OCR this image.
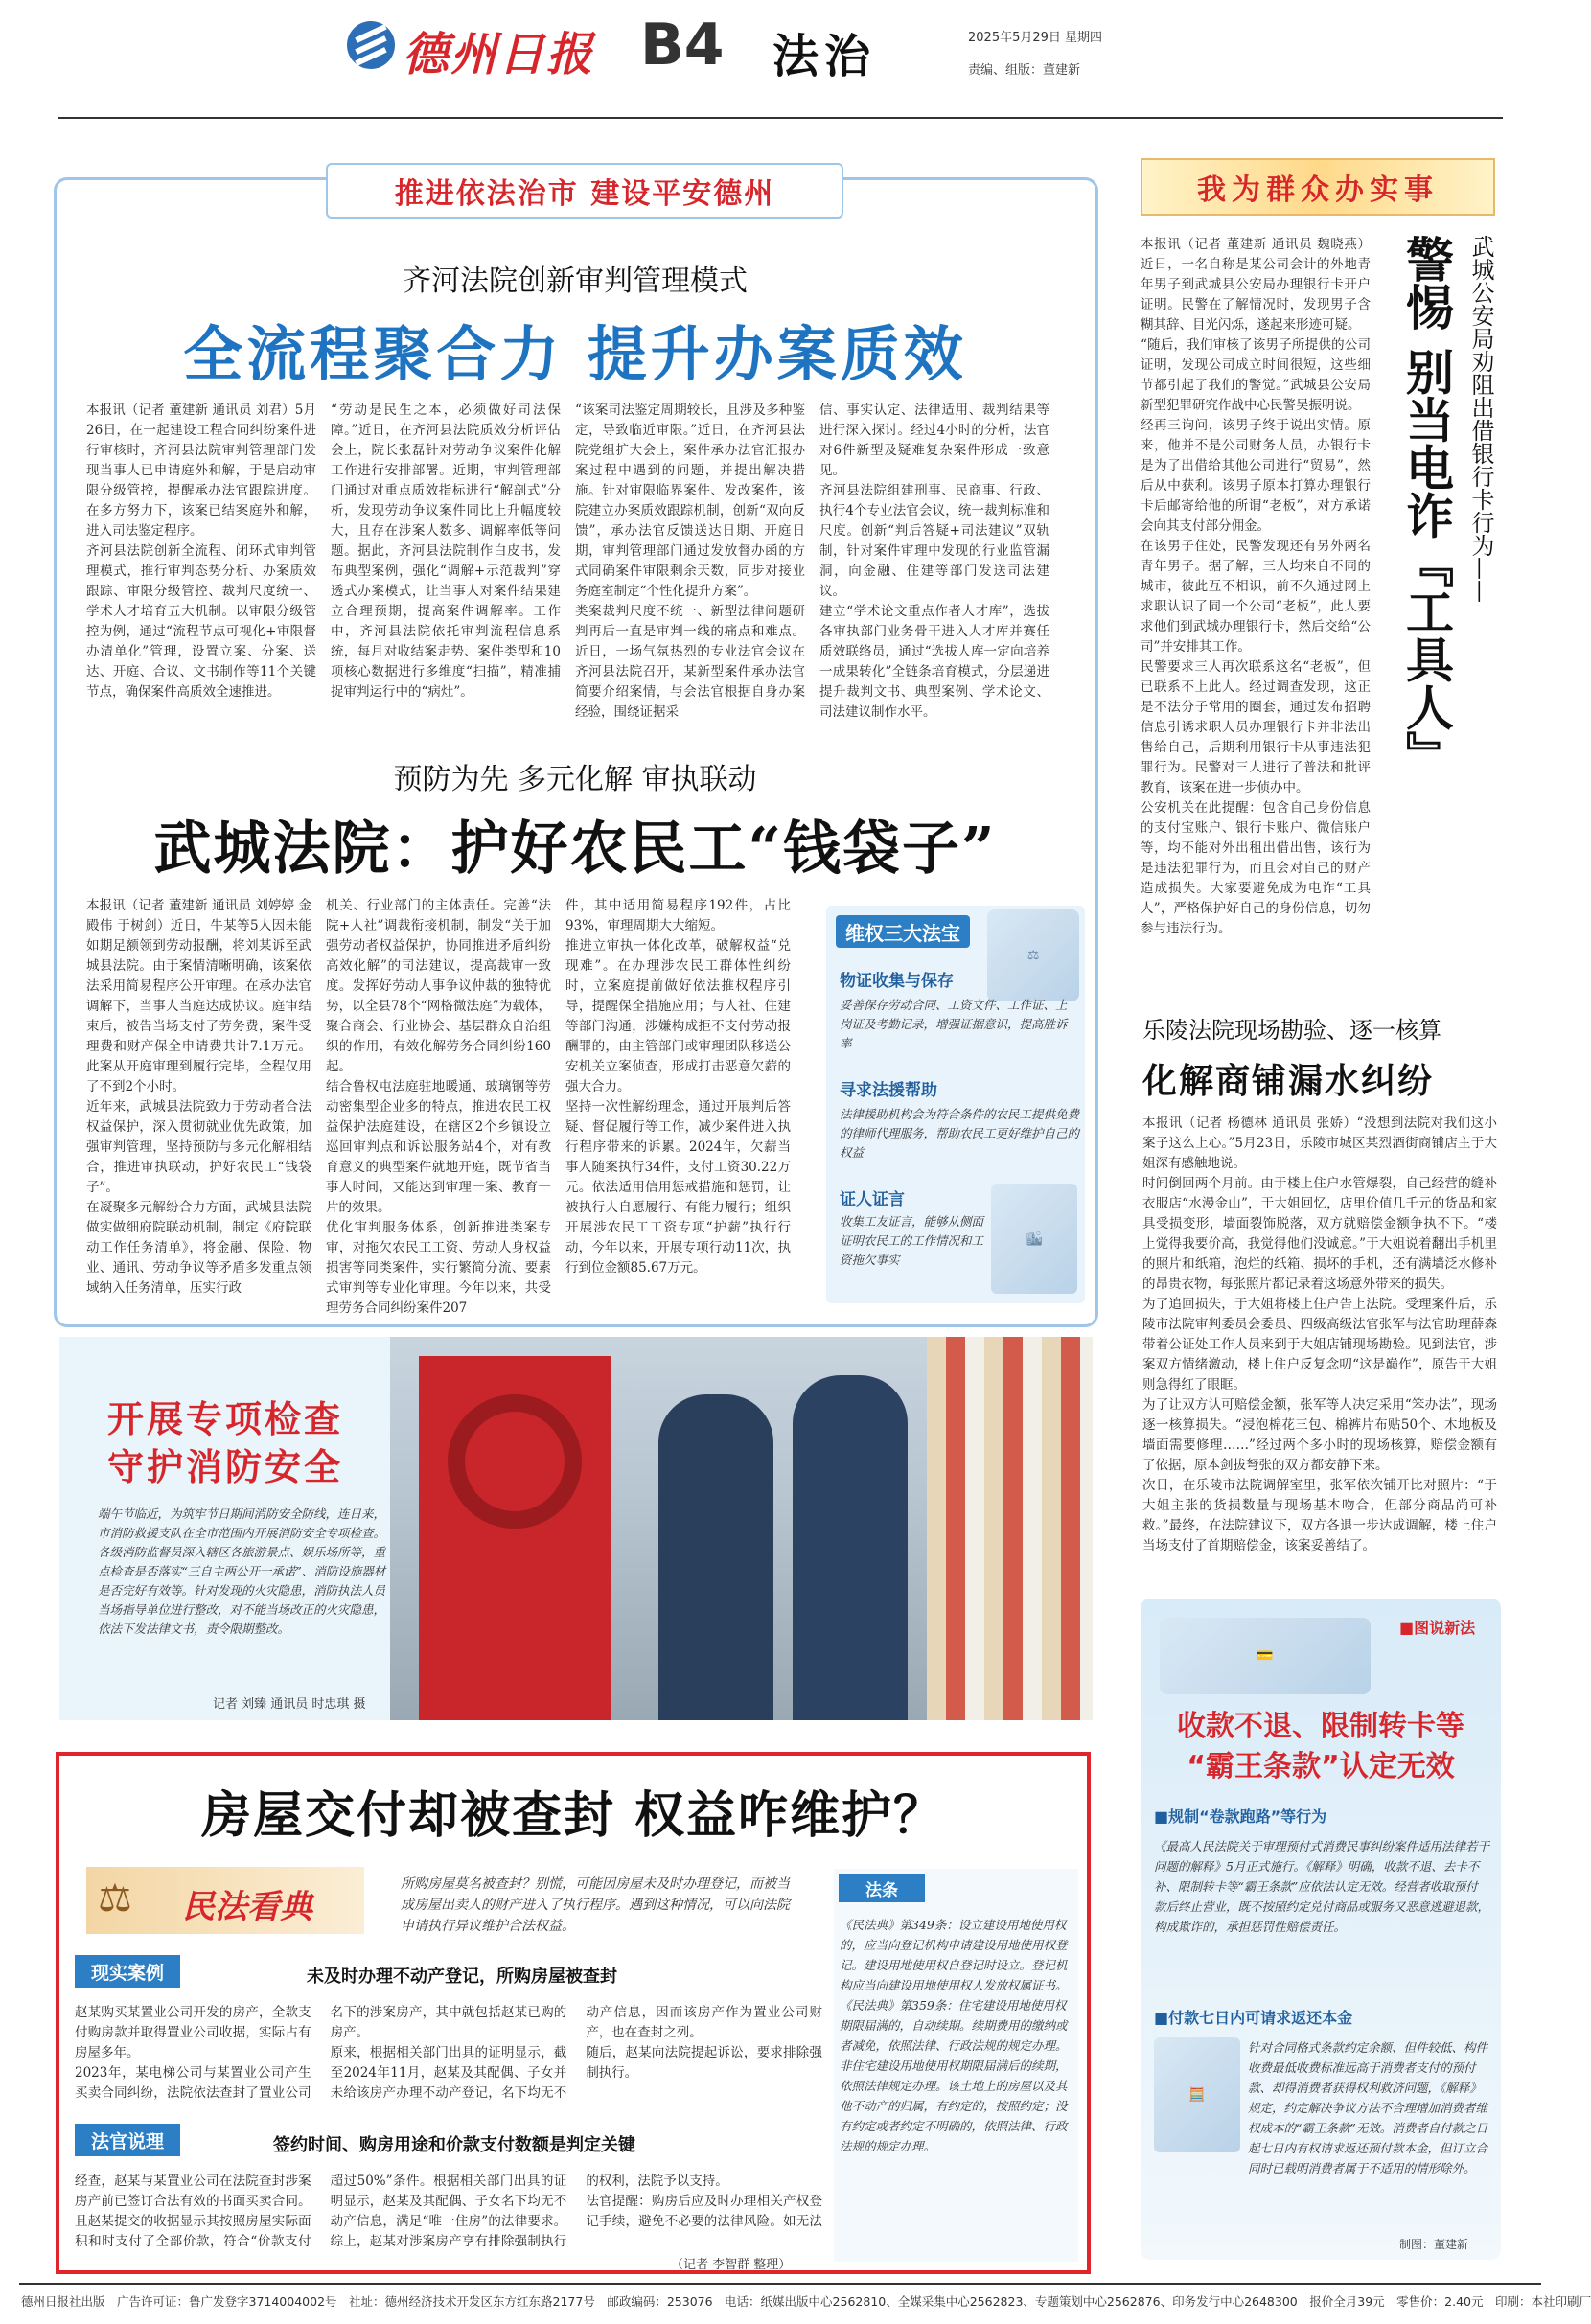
德州日报 B4 法治	2025年5月29日 星期四
责编、组版：董建新
推进依法治市 建设平安德州
齐河法院创新审判管理模式
全流程聚合力 提升办案质效
本报讯（记者 董建新 通讯员 刘君）5月26日，在一起建设工程合同纠纷案件进行审核时，齐河县法院审判管理部门发现当事人已申请庭外和解，于是启动审限分级管控，提醒承办法官跟踪进度。在多方努力下，该案已结案庭外和解，进入司法鉴定程序。
齐河县法院创新全流程、闭环式审判管理模式，推行审判态势分析、办案质效跟踪、审限分级管控、裁判尺度统一、学术人才培育五大机制。以审限分级管控为例，通过“流程节点可视化+审限督办清单化”管理，设置立案、分案、送达、开庭、合议、文书制作等11个关键节点，确保案件高质效全速推进。
“劳动是民生之本，必须做好司法保障。”近日，在齐河县法院质效分析评估会上，院长张磊针对劳动争议案件化解工作进行安排部署。近期，审判管理部门通过对重点质效指标进行“解剖式”分析，发现劳动争议案件同比上升幅度较大，且存在涉案人数多、调解率低等问题。据此，齐河县法院制作白皮书，发布典型案例，强化“调解+示范裁判”穿透式办案模式，让当事人对案件结果建立合理预期，提高案件调解率。工作中，齐河县法院依托审判流程信息系统，每月对收结案走势、案件类型和10项核心数据进行多维度“扫描”，精准捕捉审判运行中的“病灶”。
“该案司法鉴定周期较长，且涉及多种鉴定，导致临近审限。”近日，在齐河县法院党组扩大会上，案件承办法官汇报办案过程中遇到的问题，并提出解决措施。针对审限临界案件、发改案件，该院建立办案质效跟踪机制，创新“双向反馈”，承办法官反馈送达日期、开庭日期，审判管理部门通过发放督办函的方式同确案件审限剩余天数，同步对接业务庭室制定“个性化提升方案”。
类案裁判尺度不统一、新型法律问题研判再后一直是审判一线的痛点和难点。近日，一场气氛热烈的专业法官会议在齐河县法院召开，某新型案件承办法官简要介绍案情，与会法官根据自身办案经验，围绕证据采
信、事实认定、法律适用、裁判结果等进行深入探讨。经过4小时的分析，法官对6件新型及疑难复杂案件形成一致意见。
齐河县法院组建刑事、民商事、行政、执行4个专业法官会议，统一裁判标准和尺度。创新“判后答疑+司法建议”双轨制，针对案件审理中发现的行业监管漏洞，向金融、住建等部门发送司法建议。
建立“学术论文重点作者人才库”，选拔各审执部门业务骨干进入人才库并赛任质效联络员，通过“选拔人库一定向培养一成果转化”全链条培育模式，分层递进提升裁判文书、典型案例、学术论文、司法建议制作水平。
预防为先 多元化解 审执联动
武城法院：护好农民工“钱袋子”
本报讯（记者 董建新 通讯员 刘婷婷 金殿伟 于树剑）近日，牛某等5人因未能如期足额领到劳动报酬，将刘某诉至武城县法院。由于案情清晰明确，该案依法采用简易程序公开审理。在承办法官调解下，当事人当庭达成协议。庭审结束后，被告当场支付了劳务费，案件受理费和财产保全申请费共计7.1万元。此案从开庭审理到履行完毕，全程仅用了不到2个小时。
近年来，武城县法院致力于劳动者合法权益保护，深入贯彻就业优先政策，加强审判管理，坚持预防与多元化解相结合，推进审执联动，护好农民工“钱袋子”。
在凝聚多元解纷合力方面，武城县法院做实做细府院联动机制，制定《府院联动工作任务清单》，将金融、保险、物业、通讯、劳动争议等矛盾多发重点领域纳入任务清单，压实行政
机关、行业部门的主体责任。完善“法院+人社”调裁衔接机制，制发“关于加强劳动者权益保护，协同推进矛盾纠纷高效化解”的司法建议，提高裁审一致度。发挥好劳动人事争议仲裁的独特优势，以全县78个“网格微法庭”为载体，聚合商会、行业协会、基层群众自治组织的作用，有效化解劳务合同纠纷160起。
结合鲁权屯法庭驻地暖通、玻璃钢等劳动密集型企业多的特点，推进农民工权益保护法庭建设，在辖区2个乡镇设立巡回审判点和诉讼服务站4个，对有教育意义的典型案件就地开庭，既节省当事人时间，又能达到审理一案、教育一片的效果。
优化审判服务体系，创新推进类案专审，对拖欠农民工工资、劳动人身权益损害等同类案件，实行繁简分流、要素式审判等专业化审理。今年以来，共受理劳务合同纠纷案件207
件，其中适用简易程序192件，占比93%，审理周期大大缩短。
推进立审执一体化改革，破解权益“兑现难”。在办理涉农民工群体性纠纷时，立案庭提前做好依法推权程序引导，提醒保全措施应用；与人社、住建等部门沟通，涉嫌构成拒不支付劳动报酬罪的，由主管部门或审理团队移送公安机关立案侦查，形成打击恶意欠薪的强大合力。
坚持一次性解纷理念，通过开展判后答疑、督促履行等工作，减少案件进入执行程序带来的诉累。2024年，欠薪当事人随案执行34件，支付工资30.22万元。依法适用信用惩戒措施和惩罚，让被执行人自愿履行、有能力履行；组织开展涉农民工工资专项“护薪”执行行动，今年以来，开展专项行动11次，执行到位金额85.67万元。
维权三大法宝
⚖
物证收集与保存
妥善保存劳动合同、工资文件、工作证、上岗证及考勤记录，增强证据意识，提高胜诉率
寻求法援帮助
法律援助机构会为符合条件的农民工提供免费的律师代理服务，帮助农民工更好维护自己的权益
证人证言
收集工友证言，能够从侧面证明农民工的工作情况和工资拖欠事实
🏙
开展专项检查
守护消防安全
端午节临近，为筑牢节日期间消防安全防线，连日来，市消防救援支队在全市范围内开展消防安全专项检查。各级消防监督员深入辖区各旅游景点、娱乐场所等，重点检查是否落实“三自主两公开一承诺”、消防设施器材是否完好有效等。针对发现的火灾隐患，消防执法人员当场指导单位进行整改，对不能当场改正的火灾隐患，依法下发法律文书，责令限期整改。
记者 刘臻 通讯员 时忠琪 摄
房屋交付却被查封 权益咋维护？
⚖ 民法看典
所购房屋莫名被查封？别慌，可能因房屋未及时办理登记，而被当成房屋出卖人的财产进入了执行程序。遇到这种情况，可以向法院申请执行异议维护合法权益。
现实案例	未及时办理不动产登记，所购房屋被查封
赵某购买某置业公司开发的房产，全款支付购房款并取得置业公司收据，实际占有房屋多年。
2023年，某电梯公司与某置业公司产生买卖合同纠纷，法院依法查封了置业公司名下的涉案房产，其中就包括赵某已购的房产。
原来，根据相关部门出具的证明显示，截至2024年11月，赵某及其配偶、子女并未给该房产办理不动产登记，名下均无不动产信息，因而该房产作为置业公司财产，也在查封之列。
随后，赵某向法院提起诉讼，要求排除强制执行。
法官说理	签约时间、购房用途和价款支付数额是判定关键
经查，赵某与某置业公司在法院查封涉案房产前已签订合法有效的书面买卖合同。且赵某提交的收据显示其按照房屋实际面积和时支付了全部价款，符合“价款支付超过50%”条件。根据相关部门出具的证明显示，赵某及其配偶、子女名下均无不动产信息，满足“唯一住房”的法律要求。综上，赵某对涉案房产享有排除强制执行的权利，法院予以支持。
法官提醒：购房后应及时办理相关产权登记手续，避免不必要的法律风险。如无法
（记者 李智群 整理）
法条
《民法典》第349条：设立建设用地使用权的，应当向登记机构申请建设用地使用权登记。建设用地使用权自登记时设立。登记机构应当向建设用地使用权人发放权属证书。
《民法典》第359条：住宅建设用地使用权期限届满的，自动续期。续期费用的缴纳或者减免，依照法律、行政法规的规定办理。
非住宅建设用地使用权期限届满后的续期，依照法律规定办理。该土地上的房屋以及其他不动产的归属，有约定的，按照约定；没有约定或者约定不明确的，依照法律、行政法规的规定办理。
我为群众办实事
本报讯（记者 董建新 通讯员 魏晓燕）近日，一名自称是某公司会计的外地青年男子到武城县公安局办理银行卡开户证明。民警在了解情况时，发现男子含糊其辞、目光闪烁，遂起来形迹可疑。
“随后，我们审核了该男子所提供的公司证明，发现公司成立时间很短，这些细节都引起了我们的警觉。”武城县公安局新型犯罪研究作战中心民警吴振明说。
经再三询问，该男子终于说出实情。原来，他并不是公司财务人员，办银行卡是为了出借给其他公司进行“贸易”，然后从中获利。该男子原本打算办理银行卡后邮寄给他的所谓“老板”，对方承诺会向其支付部分佣金。
在该男子住处，民警发现还有另外两名青年男子。据了解，三人均来自不同的城市，彼此互不相识，前不久通过网上求职认识了同一个公司“老板”，此人要求他们到武城办理银行卡，然后交给“公司”并安排其工作。
民警要求三人再次联系这名“老板”，但已联系不上此人。经过调查发现，这正是不法分子常用的圈套，通过发布招聘信息引诱求职人员办理银行卡并非法出售给自己，后期利用银行卡从事违法犯罪行为。民警对三人进行了普法和批评教育，该案在进一步侦办中。
公安机关在此提醒：包含自己身份信息的支付宝账户、银行卡账户、微信账户等，均不能对外出租出借出售，该行为是违法犯罪行为，而且会对自己的财产造成损失。大家要避免成为电诈“工具人”，严格保护好自己的身份信息，切勿参与违法行为。
武城公安局劝阻出借银行卡行为——
警惕 别当电诈『工具人』
乐陵法院现场勘验、逐一核算
化解商铺漏水纠纷
本报讯（记者 杨德林 通讯员 张娇）“没想到法院对我们这小案子这么上心。”5月23日，乐陵市城区某烈酒街商铺店主于大姐深有感触地说。
时间倒回两个月前。由于楼上住户水管爆裂，自己经营的缝补衣服店“水漫金山”，于大姐回忆，店里价值几千元的货品和家具受损变形，墙面裂饰脱落，双方就赔偿金额争执不下。“楼上觉得我要价高，我觉得他们没诚意。”于大姐说着翻出手机里的照片和纸箱，泡烂的纸箱、损坏的手机，还有满墙泛水修补的昂贵衣物，每张照片都记录着这场意外带来的损失。
为了追回损失，于大姐将楼上住户告上法院。受理案件后，乐陵市法院审判委员会委员、四级高级法官张军与法官助理薛森带着公证处工作人员来到于大姐店铺现场勘验。见到法官，涉案双方情绪激动，楼上住户反复念叨“这是巅作”，原告于大姐则急得红了眼眶。
为了让双方认可赔偿金额，张军等人决定采用“笨办法”，现场逐一核算损失。“浸泡棉花三包、棉裤片布贴50个、木地板及墙面需要修理……”经过两个多小时的现场核算，赔偿金额有了依据，原本剑拔弩张的双方都安静下来。
次日，在乐陵市法院调解室里，张军依次铺开比对照片：“于大姐主张的货损数量与现场基本吻合，但部分商品尚可补救。”最终，在法院建议下，双方各退一步达成调解，楼上住户当场支付了首期赔偿金，该案妥善结了。
■图说新法
💳
收款不退、限制转卡等
“霸王条款”认定无效
■规制“卷款跑路”等行为
《最高人民法院关于审理预付式消费民事纠纷案件适用法律若干问题的解释》5月正式施行。《解释》明确，收款不退、去卡不补、限制转卡等“霸王条款”应依法认定无效。经营者收取预付款后终止营业，既不按照约定兑付商品或服务又恶意逃避退款，构成欺诈的，承担惩罚性赔偿责任。
■付款七日内可请求返还本金
🧮
针对合同格式条款约定余额、但件较低、构件收费最低收费标准远高于消费者支付的预付款、却得消费者获得权利救济问题，《解释》规定，约定解决争议方法不合理增加消费者维权成本的“霸王条款”无效。消费者自付款之日起七日内有权请求返还预付款本金，但订立合同时已载明消费者属于不适用的情形除外。
制图：董建新
德州日报社出版　广告许可证：鲁广发登字3714004002号　社址：德州经济技术开发区东方红东路2177号　邮政编码：253076　电话：纸媒出版中心2562810、全媒采集中心2562823、专题策划中心2562876、印务发行中心2648300　报价全月39元　零售价：2.40元　印刷：本社印刷厂
